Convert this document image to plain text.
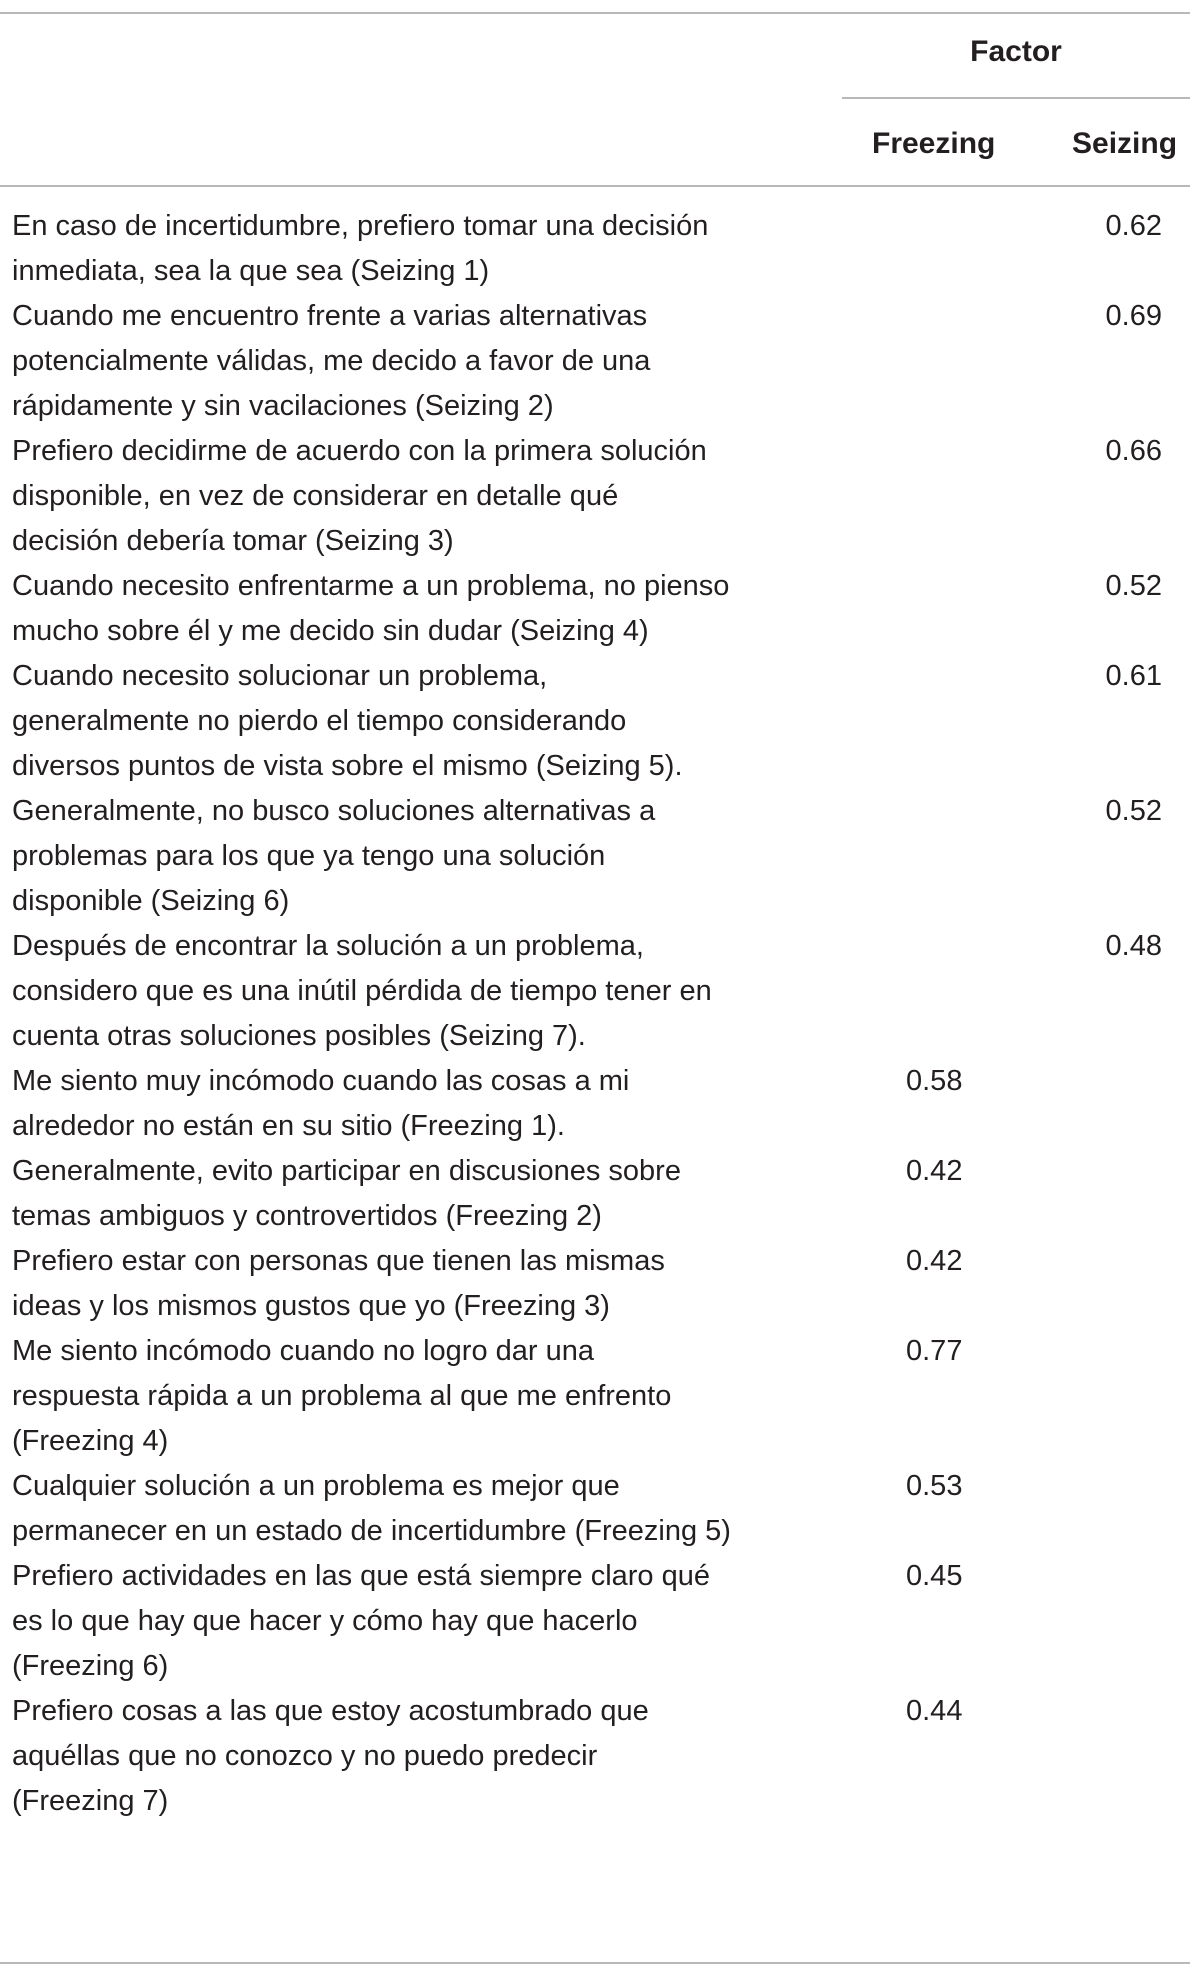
Factor
Freezing	Seizing
En caso de incertidumbre, prefiero tomar una decisión
inmediata, sea la que sea (Seizing 1)
0.62
Cuando me encuentro frente a varias alternativas
potencialmente válidas, me decido a favor de una
rápidamente y sin vacilaciones (Seizing 2)
0.69
Prefiero decidirme de acuerdo con la primera solución
disponible, en vez de considerar en detalle qué
decisión debería tomar (Seizing 3)
0.66
Cuando necesito enfrentarme a un problema, no pienso
mucho sobre él y me decido sin dudar (Seizing 4)
0.52
Cuando necesito solucionar un problema,
generalmente no pierdo el tiempo considerando
diversos puntos de vista sobre el mismo (Seizing 5).
0.61
Generalmente, no busco soluciones alternativas a
problemas para los que ya tengo una solución
disponible (Seizing 6)
0.52
Después de encontrar la solución a un problema,
considero que es una inútil pérdida de tiempo tener en
cuenta otras soluciones posibles (Seizing 7).
0.48
Me siento muy incómodo cuando las cosas a mi
alrededor no están en su sitio (Freezing 1).
0.58
Generalmente, evito participar en discusiones sobre
temas ambiguos y controvertidos (Freezing 2)
0.42
Prefiero estar con personas que tienen las mismas
ideas y los mismos gustos que yo (Freezing 3)
0.42
Me siento incómodo cuando no logro dar una
respuesta rápida a un problema al que me enfrento
(Freezing 4)
0.77
Cualquier solución a un problema es mejor que
permanecer en un estado de incertidumbre (Freezing 5)
0.53
Prefiero actividades en las que está siempre claro qué
es lo que hay que hacer y cómo hay que hacerlo
(Freezing 6)
0.45
Prefiero cosas a las que estoy acostumbrado que
aquéllas que no conozco y no puedo predecir
(Freezing 7)
0.44
